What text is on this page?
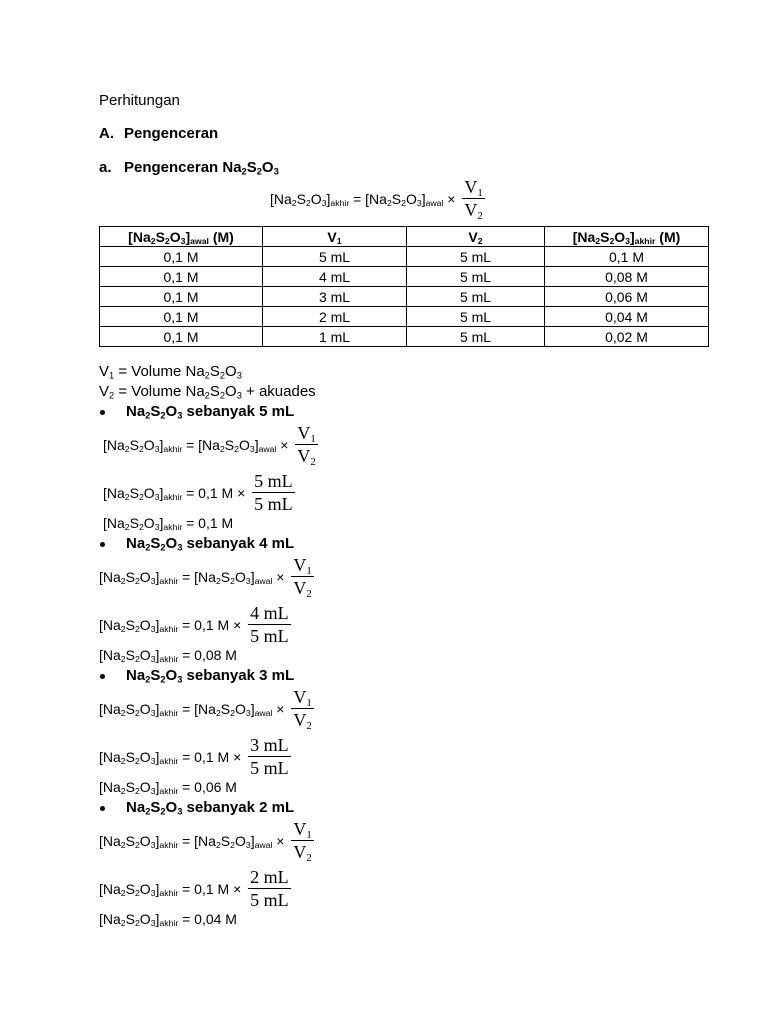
Perhitungan
A. Pengenceran
a. Pengenceran $Na_2S_2O_3$
$[Na_2S_2O_3]_{akhir} = [Na_2S_2O_3]_{awal} \times \frac{V_1}{V_2}$
$[Na_2S_2O_3]_{awal}$ (M)	$V_1$	$V_2$	$[Na_2S_2O_3]_{akhir}$ (M)
0,1 M	5 mL	5 mL	0,1 M
0,1 M	4 mL	5 mL	0,08 M
0,1 M	3 mL	5 mL	0,06 M
0,1 M	2 mL	5 mL	0,04 M
0,1 M	1 mL	5 mL	0,02 M
$V_1$ = Volume $Na_2S_2O_3$
$V_2$ = Volume $Na_2S_2O_3$ + akuades
$Na_2S_2O_3$ sebanyak 5 mL
$[Na_2S_2O_3]_{akhir} = [Na_2S_2O_3]_{awal} \times \frac{V_1}{V_2}$
$[Na_2S_2O_3]_{akhir} = 0,1$ $M \times \frac{5 mL}{5 mL}$
$[Na_2S_2O_3]_{akhir} = 0,1$ M
$Na_2S_2O_3$ sebanyak 4 mL
$[Na_2S_2O_3]_{akhir} = [Na_2S_2O_3]_{awal} \times \frac{V_1}{V_2}$
$[Na_2S_2O_3]_{akhir} = 0,1$ $M \times \frac{4 mL}{5 mL}$
$[Na_2S_2O_3]_{akhir} = 0,08$ M
$Na_2S_2O_3$ sebanyak 3 mL
$[Na_2S_2O_3]_{akhir} = [Na_2S_2O_3]_{awal} \times \frac{V_1}{V_2}$
$[Na_2S_2O_3]_{akhir} = 0,1$ $M \times \frac{3 mL}{5 mL}$
$[Na_2S_2O_3]_{akhir} = 0,06$ M
$Na_2S_2O_3$ sebanyak 2 mL
$[Na_2S_2O_3]_{akhir} = [Na_2S_2O_3]_{awal} \times \frac{V_1}{V_2}$
$[Na_2S_2O_3]_{akhir} = 0,1$ $M \times \frac{2 mL}{5 mL}$
$[Na_2S_2O_3]_{akhir} = 0,04$ M
